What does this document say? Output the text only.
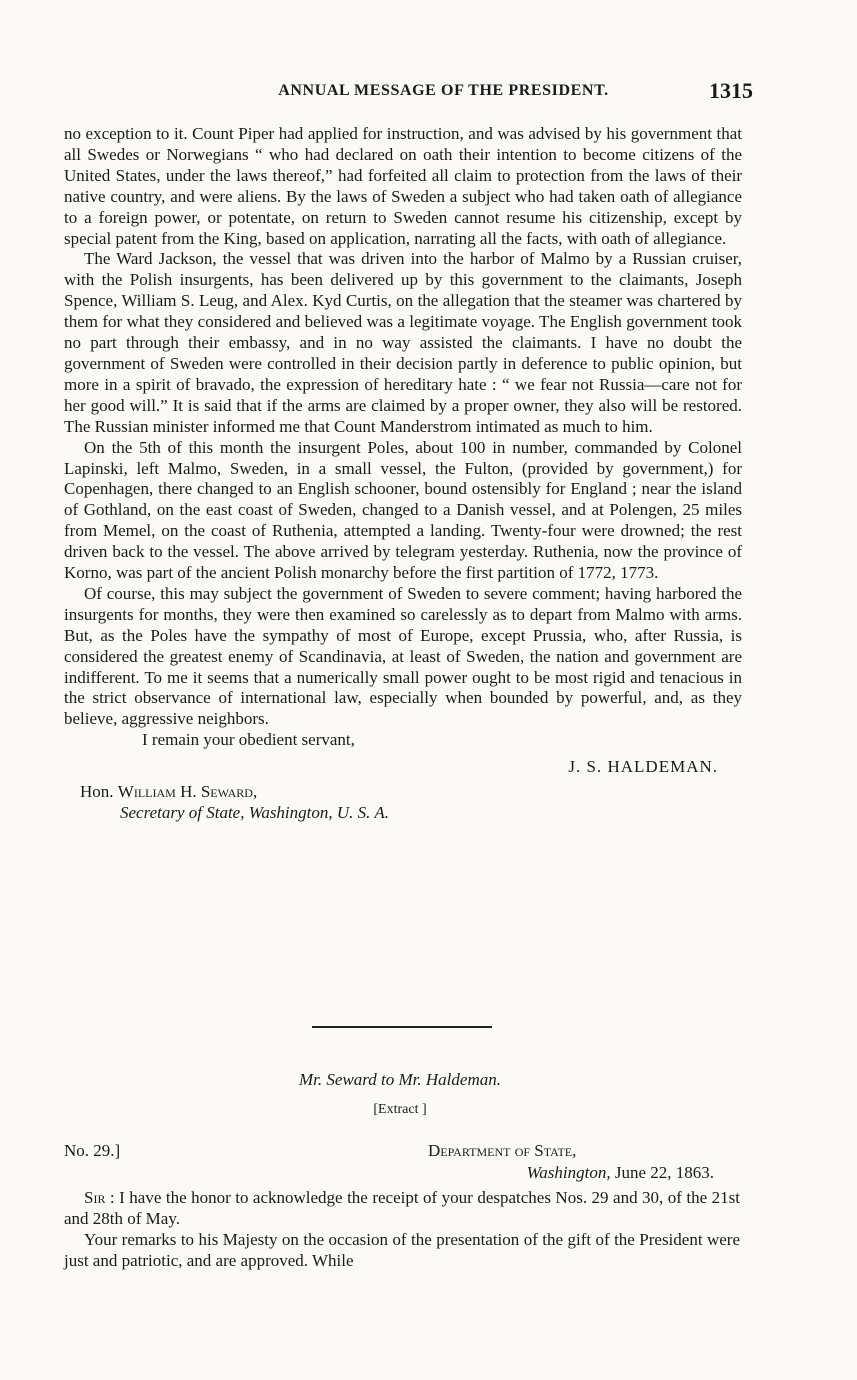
ANNUAL MESSAGE OF THE PRESIDENT.	1315

no exception to it. Count Piper had applied for instruction, and was advised by his government that all Swedes or Norwegians “ who had declared on oath their intention to become citizens of the United States, under the laws thereof,” had forfeited all claim to protection from the laws of their native country, and were aliens. By the laws of Sweden a subject who had taken oath of allegiance to a foreign power, or potentate, on return to Sweden cannot resume his citizenship, except by special patent from the King, based on application, narrating all the facts, with oath of allegiance.

The Ward Jackson, the vessel that was driven into the harbor of Malmo by a Russian cruiser, with the Polish insurgents, has been delivered up by this government to the claimants, Joseph Spence, William S. Leug, and Alex. Kyd Curtis, on the allegation that the steamer was chartered by them for what they considered and believed was a legitimate voyage. The English government took no part through their embassy, and in no way assisted the claimants. I have no doubt the government of Sweden were controlled in their decision partly in deference to public opinion, but more in a spirit of bravado, the expression of hereditary hate : “ we fear not Russia—care not for her good will.” It is said that if the arms are claimed by a proper owner, they also will be restored. The Russian minister informed me that Count Manderstrom intimated as much to him.

On the 5th of this month the insurgent Poles, about 100 in number, commanded by Colonel Lapinski, left Malmo, Sweden, in a small vessel, the Fulton, (provided by government,) for Copenhagen, there changed to an English schooner, bound ostensibly for England ; near the island of Gothland, on the east coast of Sweden, changed to a Danish vessel, and at Polengen, 25 miles from Memel, on the coast of Ruthenia, attempted a landing. Twenty-four were drowned; the rest driven back to the vessel. The above arrived by telegram yesterday. Ruthenia, now the province of Korno, was part of the ancient Polish monarchy before the first partition of 1772, 1773.

Of course, this may subject the government of Sweden to severe comment; having harbored the insurgents for months, they were then examined so carelessly as to depart from Malmo with arms. But, as the Poles have the sympathy of most of Europe, except Prussia, who, after Russia, is considered the greatest enemy of Scandinavia, at least of Sweden, the nation and government are indifferent. To me it seems that a numerically small power ought to be most rigid and tenacious in the strict observance of international law, especially when bounded by powerful, and, as they believe, aggressive neighbors.

I remain your obedient servant,

J. S. HALDEMAN.
Hon. William H. Seward,
Secretary of State, Washington, U. S. A.
Mr. Seward to Mr. Haldeman.
[Extract ]
No. 29.]	Department of State,
Washington, June 22, 1863.

Sir : I have the honor to acknowledge the receipt of your despatches Nos. 29 and 30, of the 21st and 28th of May.

Your remarks to his Majesty on the occasion of the presentation of the gift of the President were just and patriotic, and are approved. While
